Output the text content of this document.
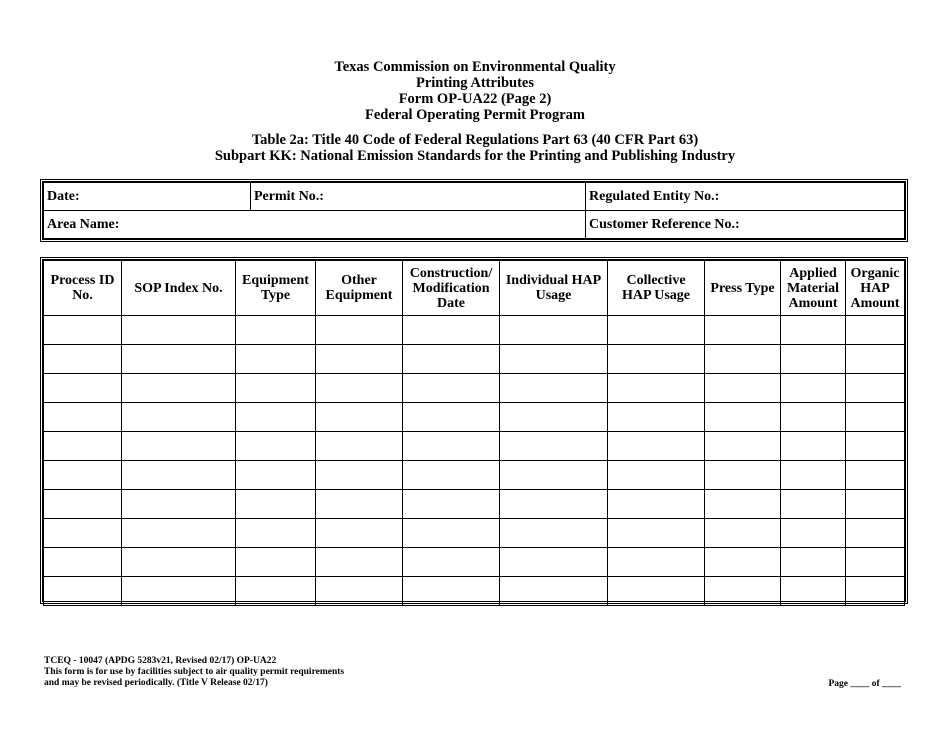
Texas Commission on Environmental Quality
Printing Attributes
Form OP-UA22 (Page 2)
Federal Operating Permit Program
Table 2a: Title 40 Code of Federal Regulations Part 63 (40 CFR Part 63)
Subpart KK: National Emission Standards for the Printing and Publishing Industry
Date:	Permit No.:	Regulated Entity No.:
Area Name:		Customer Reference No.:
Process ID No.	SOP Index No.	Equipment Type	Other Equipment	Construction/ Modification Date	Individual HAP Usage	Collective HAP Usage	Press Type	Applied Material Amount	Organic HAP Amount

TCEQ - 10047 (APDG 5283v21, Revised 02/17) OP-UA22
This form is for use by facilities subject to air quality permit requirements
and may be revised periodically. (Title V Release 02/17)	Page ____ of ____
